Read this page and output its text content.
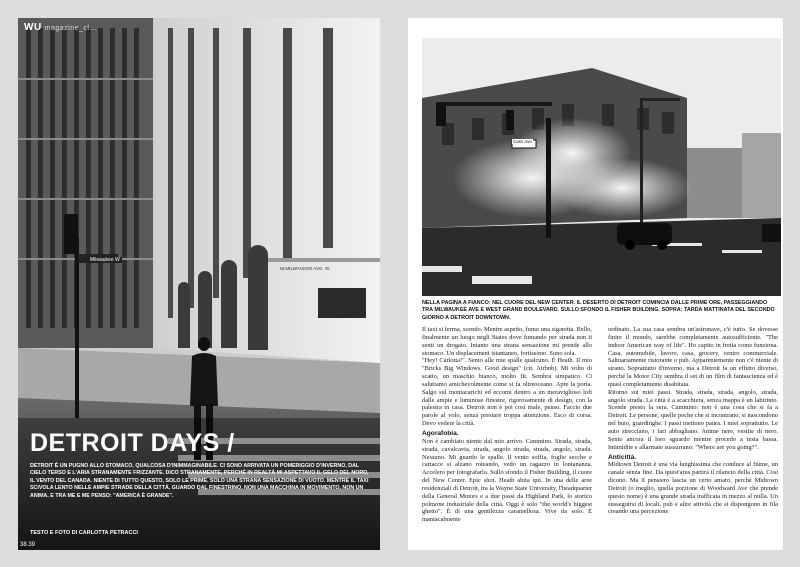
WU magazine_cl...
Milwaukee W
W.MILWAUKEE AVE. W.
DETROIT DAYS /
DETROIT È UN PUGNO ALLO STOMACO, QUALCOSA D'INIMMAGINABILE. CI SONO ARRIVATA UN POMERIGGIO D'INVERNO, DAL CIELO TERSO E L'ARIA STRANAMENTE FRIZZANTE. DICO STRANAMENTE, PERCHÉ IN REALTÀ MI ASPETTAVO IL GELO DEL NORD, IL VENTO DEL CANADA. NIENTE DI TUTTO QUESTO, SOLO LE PRIME. SOLO UNA STRANA SENSAZIONE DI VUOTO. MENTRE IL TAXI SCIVOLA LENTO NELLE AMPIE STRADE DELLA CITTÀ, GUARDO DAL FINESTRINO. NON UNA MACCHINA IN MOVIMENTO, NON UN ANIMA. E TRA ME E ME PENSO: "AMERICA È GRANDE".
TESTO E FOTO DI CARLOTTA PETRACCI
38.39
Cass Ave
NELLA PAGINA A FIANCO: NEL CUORE DEL NEW CENTER. IL DESERTO DI DETROIT COMINCIA DALLE PRIME ORE, PASSEGGIANDO TRA MILWAUKEE AVE E WEST GRAND BOULEVARD. SULLO SFONDO IL FISHER BUILDING. SOPRA: TARDA MATTINATA DEL SECONDO GIORNO A DETROIT DOWNTOWN.

Il taxi si ferma, scendo. Mentre aspetto, fumo una sigaretta. Bello, finalmente un luogo negli States dove fumando per strada non ti senti un drogato. Intanto una strana sensazione mi prende allo stomaco. Un displacement istantaneo, fortissimo. Sono sola.

"Hey! Carlotta!". Sento alle mie spalle qualcuno. È Heath. Il mio "Bricks Big Windows. Good design" (cit. Airbnb). Mi volto di scatto, un maschio bianco, molto fit. Sembra simpatico. Ci salutiamo amichevolmente come si fa oltreoceano. Apre la porta. Salgo sul montacarichi ed eccomi dentro a un meraviglioso loft dalle ampie e luminose finestre, rigorosamente di design, con la palestra in casa. Detroit non è poi così male, penso. Faccio due parole al volo, senza prestare troppa attenzione. Esco di corsa. Devo vedere la città.

Agorafobia.

Non è cambiato niente dal mio arrivo. Cammino. Strada, strada, strada, cavalcavia, strada, angolo strada, strada, angolo, strada. Nessuno. Mi guardo le spalle. Il vento soffia, foglie secche e cartacce si alzano roteando, vedo un ragazzo in lontananza. Accelero per fotografarlo. Sullo sfondo il Fisher Building, il cuore del New Center. Epic shot. Heath abita qui. In una delle aree residenziali di Detroit, tra la Wayne State University, l'headquarter della General Motors e a due passi da Highland Park, lo storico polmone industriale della città. Oggi è solo "the world's biggest ghetto". È di una gentilezza caramellosa. Vive da solo. È maniacalmente

ordinato. La sua casa sembra un'astronave, c'è tutto. Se dovesse finire il mondo, sarebbe completamente autosufficiente. "The indoor American way of life". Ho capito in fretta come funziona. Casa, automobile, lavoro, casa, grocery, centro commerciale. Saltuariamente ristorante o pub. Apparentemente non c'è niente di strano. Soprattutto d'inverno, ma a Detroit fa un effetto diverso, perché la Motor City sembra il set di un film di fantascienza ed è quasi completamente disabitata.

Ritorno sui miei passi. Strada, strada, strada, angolo, strada, angolo strada. La città è a scacchiera, senza mappa è un labirinto. Scende presto la sera. Cammino: non è una cosa che si fa a Detroit. Le persone, quelle poche che si incontrano, si nascondono nel buio, guardinghe. I passi mettono paura. I miei soprattutto. Le auto strecciano, i fari abbagliano. Anime nere, vestite di nero. Sento ancora il loro sguardo mentre procedo a testa bassa. Intimidite e allarmate sussurrano: "Where are you going?".

Anticittà.

Midtown Detroit è una via lunghissima che conduce al fiume, un canale senza fine. Da quest'area partirà il rilancio della città. Così dicono. Ma il pensiero lascia un certo amaro, perché Midtown Detroit (o meglio, quella porzione di Woodward Ave che prende questo nome) è una grande strada trafficata in mezzo al nulla. Un susseguirsi di locali, pub e altre attività che si dispongono in fila creando una percezione
